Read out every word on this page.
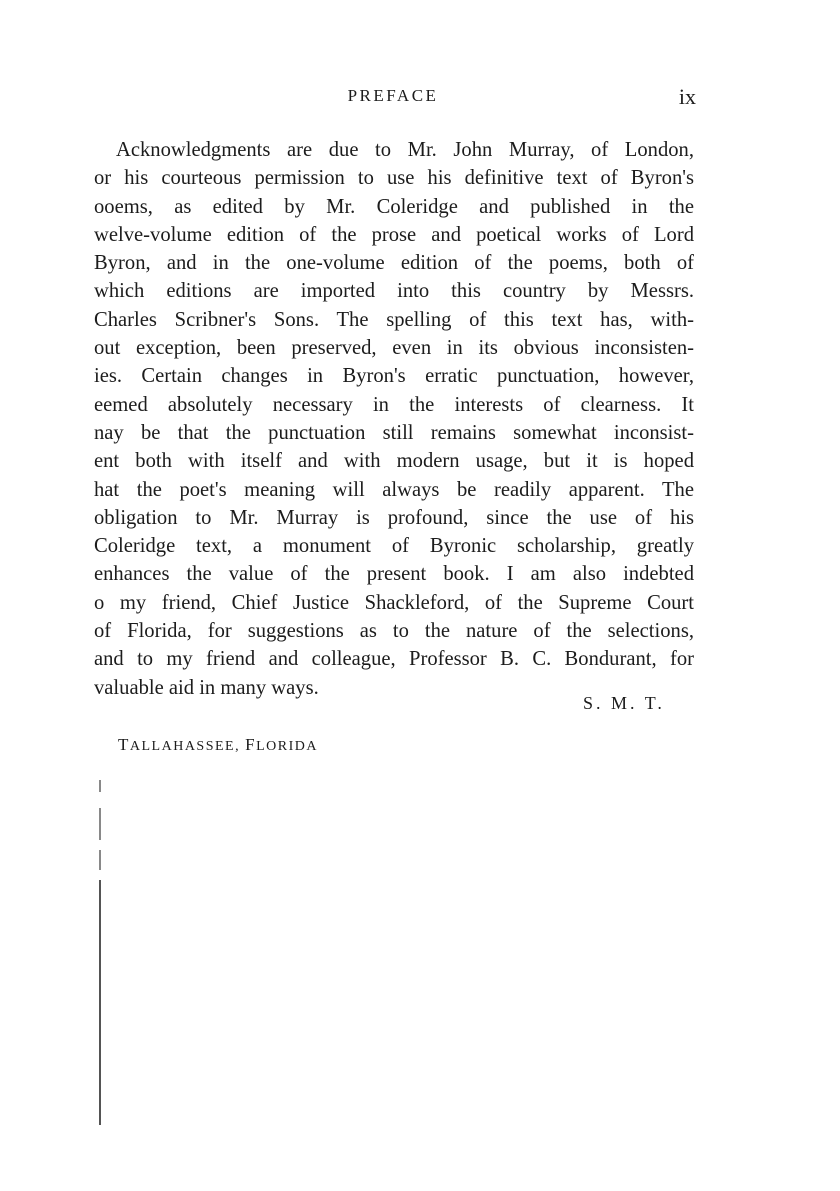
PREFACE	ix
Acknowledgments are due to Mr. John Murray, of London,
or his courteous permission to use his definitive text of Byron's
ooems, as edited by Mr. Coleridge and published in the
welve-volume edition of the prose and poetical works of Lord
Byron, and in the one-volume edition of the poems, both of
which editions are imported into this country by Messrs.
Charles Scribner's Sons. The spelling of this text has, with-
out exception, been preserved, even in its obvious inconsisten-
ies. Certain changes in Byron's erratic punctuation, however,
eemed absolutely necessary in the interests of clearness. It
nay be that the punctuation still remains somewhat inconsist-
ent both with itself and with modern usage, but it is hoped
hat the poet's meaning will always be readily apparent. The
obligation to Mr. Murray is profound, since the use of his
Coleridge text, a monument of Byronic scholarship, greatly
enhances the value of the present book. I am also indebted
o my friend, Chief Justice Shackleford, of the Supreme Court
of Florida, for suggestions as to the nature of the selections,
and to my friend and colleague, Professor B. C. Bondurant, for
valuable aid in many ways.
S. M. T.
TALLAHASSEE, FLORIDA
